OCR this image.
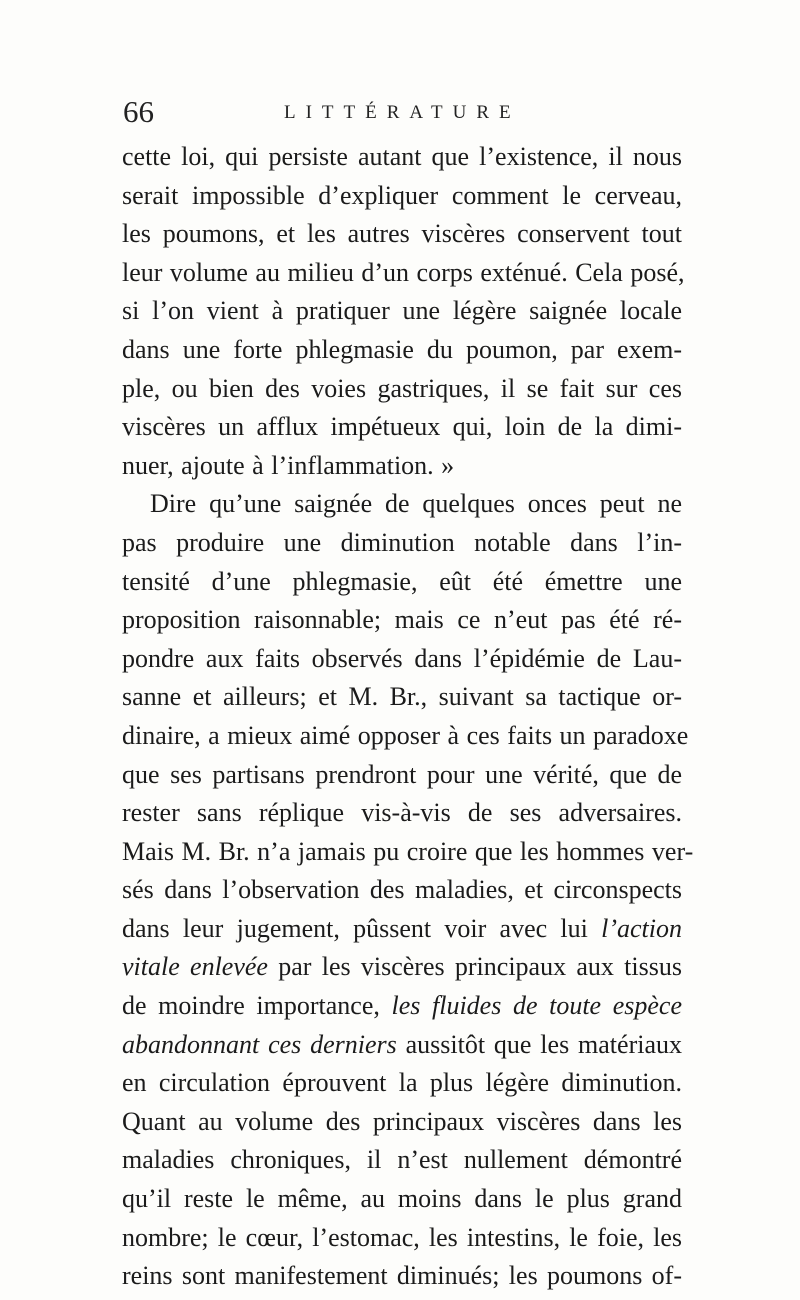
66	LITTÉRATURE
cette loi, qui persiste autant que l’existence, il nous
serait impossible d’expliquer comment le cerveau,
les poumons, et les autres viscères conservent tout
leur volume au milieu d’un corps exténué. Cela posé,
si l’on vient à pratiquer une légère saignée locale
dans une forte phlegmasie du poumon, par exem-
ple, ou bien des voies gastriques, il se fait sur ces
viscères un afflux impétueux qui, loin de la dimi-
nuer, ajoute à l’inflammation. »
Dire qu’une saignée de quelques onces peut ne
pas produire une diminution notable dans l’in-
tensité d’une phlegmasie, eût été émettre une
proposition raisonnable; mais ce n’eut pas été ré-
pondre aux faits observés dans l’épidémie de Lau-
sanne et ailleurs; et M. Br., suivant sa tactique or-
dinaire, a mieux aimé opposer à ces faits un paradoxe
que ses partisans prendront pour une vérité, que de
rester sans réplique vis-à-vis de ses adversaires.
Mais M. Br. n’a jamais pu croire que les hommes ver-
sés dans l’observation des maladies, et circonspects
dans leur jugement, pûssent voir avec lui l’action
vitale enlevée par les viscères principaux aux tissus
de moindre importance, les fluides de toute espèce
abandonnant ces derniers aussitôt que les matériaux
en circulation éprouvent la plus légère diminution.
Quant au volume des principaux viscères dans les
maladies chroniques, il n’est nullement démontré
qu’il reste le même, au moins dans le plus grand
nombre; le cœur, l’estomac, les intestins, le foie, les
reins sont manifestement diminués; les poumons of-
